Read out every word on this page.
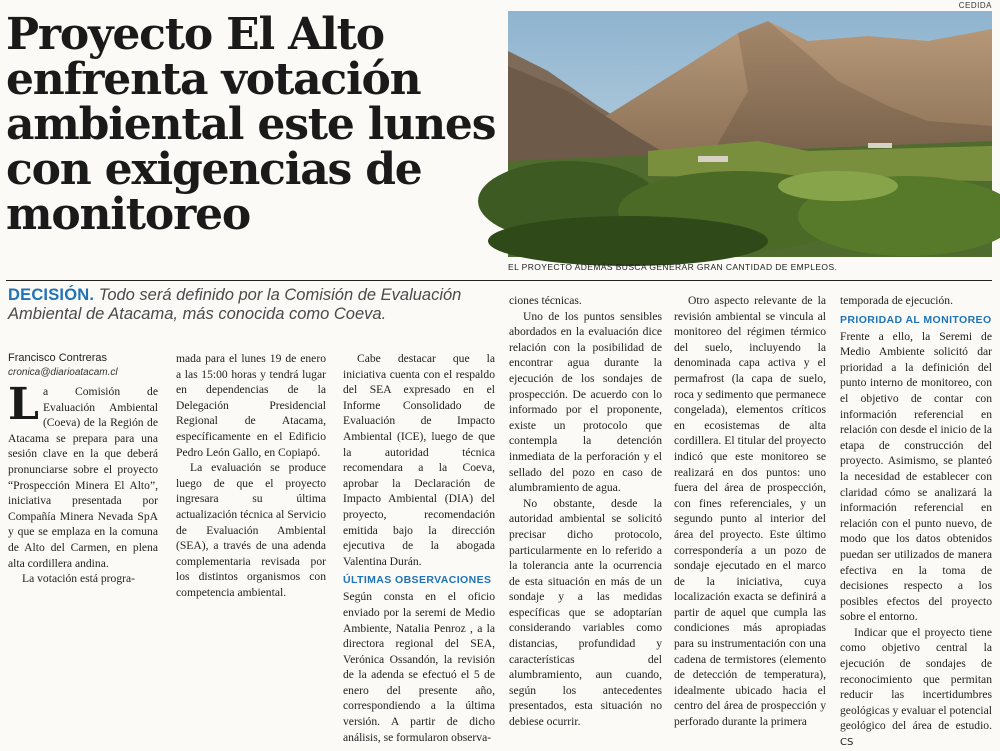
Proyecto El Alto enfrenta votación ambiental este lunes con exigencias de monitoreo
CEDIDA
EL PROYECTO ADEMÁS BUSCA GENERAR GRAN CANTIDAD DE EMPLEOS.
DECISIÓN. Todo será definido por la Comisión de Evaluación Ambiental de Atacama, más conocida como Coeva.
Francisco Contreras
cronica@diarioatacam.cl

La Comisión de Evaluación Ambiental (Coeva) de la Región de Atacama se prepara para una sesión clave en la que deberá pronunciarse sobre el proyecto “Prospección Minera El Alto”, iniciativa presentada por Compañía Minera Nevada SpA y que se emplaza en la comuna de Alto del Carmen, en plena alta cordillera andina.

La votación está progra-

mada para el lunes 19 de enero a las 15:00 horas y tendrá lugar en dependencias de la Delegación Presidencial Regional de Atacama, específicamente en el Edificio Pedro León Gallo, en Copiapó.

La evaluación se produce luego de que el proyecto ingresara su última actualización técnica al Servicio de Evaluación Ambiental (SEA), a través de una adenda complementaria revisada por los distintos organismos con competencia ambiental.

Cabe destacar que la iniciativa cuenta con el respaldo del SEA expresado en el Informe Consolidado de Evaluación de Impacto Ambiental (ICE), luego de que la autoridad técnica recomendara a la Coeva, aprobar la Declaración de Impacto Ambiental (DIA) del proyecto, recomendación emitida bajo la dirección ejecutiva de la abogada Valentina Durán.

ÚLTIMAS OBSERVACIONES

Según consta en el oficio enviado por la seremi de Medio Ambiente, Natalia Penroz , a la directora regional del SEA, Verónica Ossandón, la revisión de la adenda se efectuó el 5 de enero del presente año, correspondiendo a la última versión. A partir de dicho análisis, se formularon observa-

ciones técnicas.

Uno de los puntos sensibles abordados en la evaluación dice relación con la posibilidad de encontrar agua durante la ejecución de los sondajes de prospección. De acuerdo con lo informado por el proponente, existe un protocolo que contempla la detención inmediata de la perforación y el sellado del pozo en caso de alumbramiento de agua.

No obstante, desde la autoridad ambiental se solicitó precisar dicho protocolo, particularmente en lo referido a la tolerancia ante la ocurrencia de esta situación en más de un sondaje y a las medidas específicas que se adoptarían considerando variables como distancias, profundidad y características del alumbramiento, aun cuando, según los antecedentes presentados, esta situación no debiese ocurrir.

Otro aspecto relevante de la revisión ambiental se vincula al monitoreo del régimen térmico del suelo, incluyendo la denominada capa activa y el permafrost (la capa de suelo, roca y sedimento que permanece congelada), elementos críticos en ecosistemas de alta cordillera. El titular del proyecto indicó que este monitoreo se realizará en dos puntos: uno fuera del área de prospección, con fines referenciales, y un segundo punto al interior del área del proyecto. Este último correspondería a un pozo de sondaje ejecutado en el marco de la iniciativa, cuya localización exacta se definirá a partir de aquel que cumpla las condiciones más apropiadas para su instrumentación con una cadena de termistores (elemento de detección de temperatura), idealmente ubicado hacia el centro del área de prospección y perforado durante la primera

temporada de ejecución.

PRIORIDAD AL MONITOREO

Frente a ello, la Seremi de Medio Ambiente solicitó dar prioridad a la definición del punto interno de monitoreo, con el objetivo de contar con información referencial en relación con desde el inicio de la etapa de construcción del proyecto. Asimismo, se planteó la necesidad de establecer con claridad cómo se analizará la información referencial en relación con el punto nuevo, de modo que los datos obtenidos puedan ser utilizados de manera efectiva en la toma de decisiones respecto a los posibles efectos del proyecto sobre el entorno.

Indicar que el proyecto tiene como objetivo central la ejecución de sondajes de reconocimiento que permitan reducir las incertidumbres geológicas y evaluar el potencial geológico del área de estudio. CS
